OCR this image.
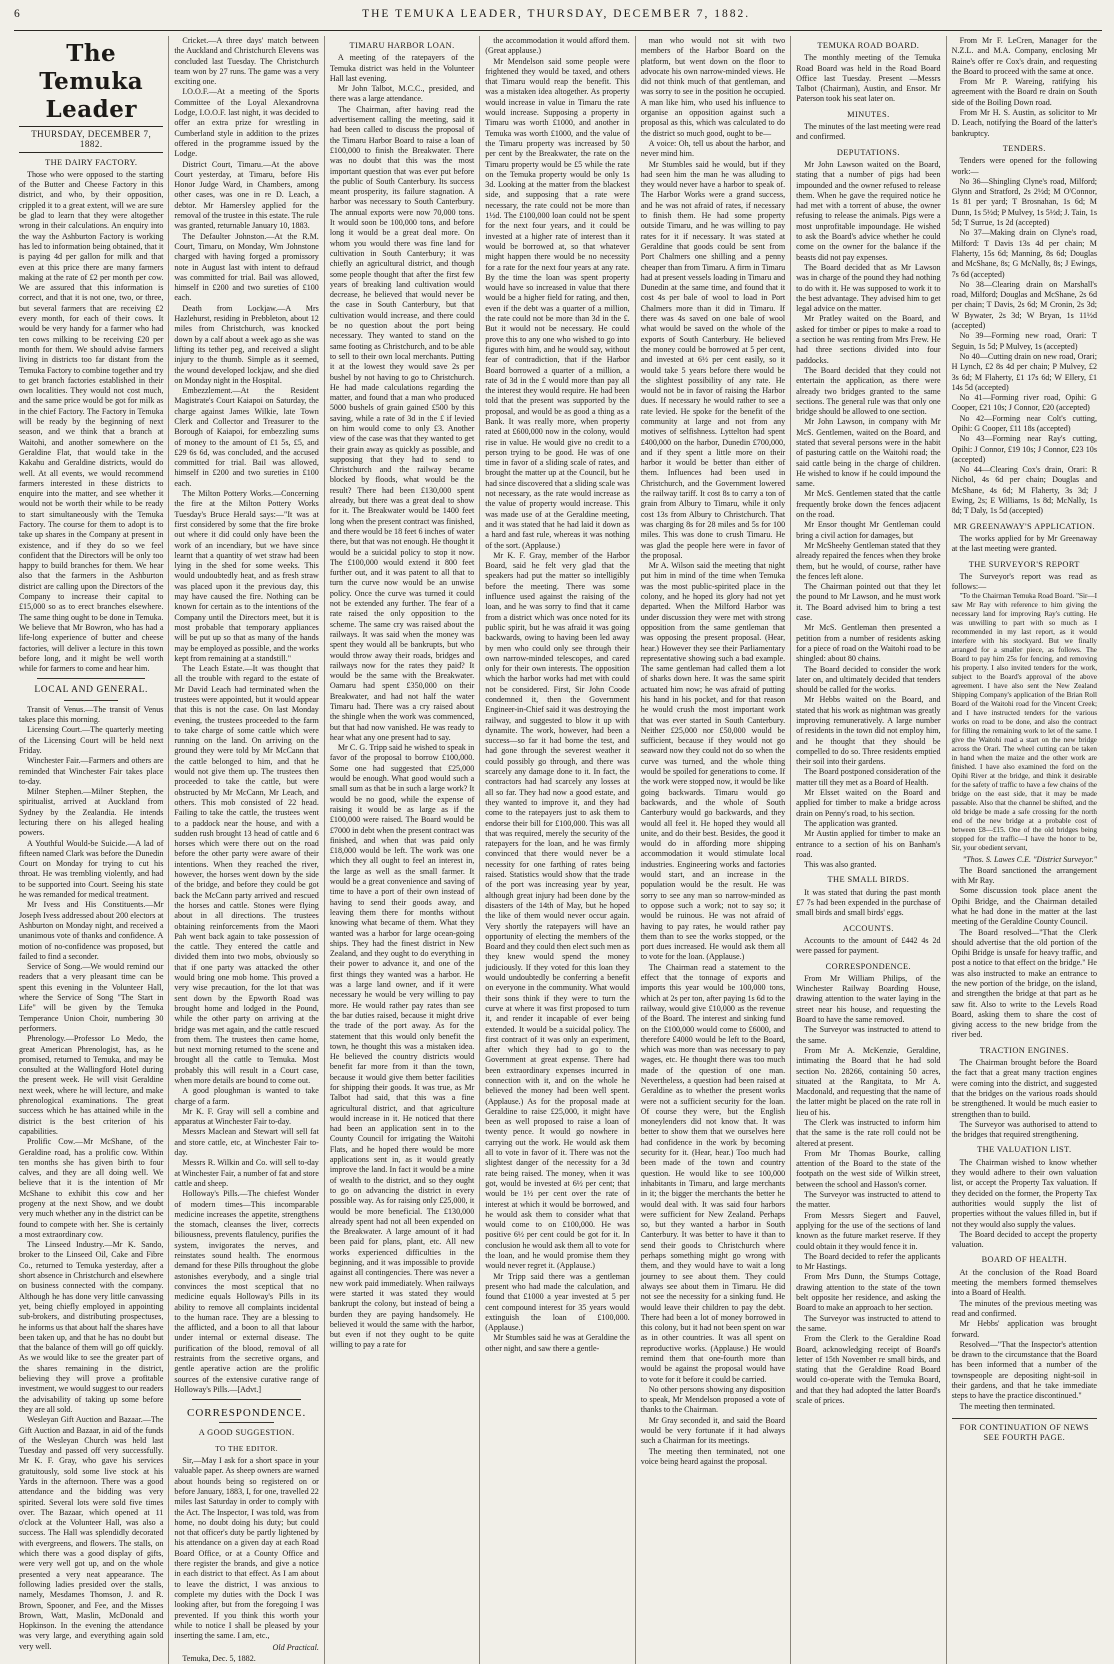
6	THE TEMUKA LEADER, THURSDAY, DECEMBER 7, 1882.
The Temuka Leader
THURSDAY, DECEMBER 7, 1882.
THE DAIRY FACTORY.

Those who were opposed to the starting of the Butter and Cheese Factory in this district, and who, by their opposition, crippled it to a great extent, will we are sure be glad to learn that they were altogether wrong in their calculations. An enquiry into the way the Ashburton Factory is working has led to information being obtained, that it is paying 4d per gallon for milk and that even at this price there are many farmers making at the rate of £2 per month per cow. We are assured that this information is correct, and that it is not one, two, or three, but several farmers that are receiving £2 every month, for each of their cows. It would be very handy for a farmer who had ten cows milking to be receiving £20 per month for them. We should advise farmers living in districts too far distant from the Temuka Factory to combine together and try to get branch factories established in their own localities. They would not cost much, and the same price would be got for milk as in the chief Factory. The Factory in Temuka will be ready by the beginning of next season, and we think that a branch at Waitohi, and another somewhere on the Geraldine Flat, that would take in the Kakahu and Geraldine districts, would do well. At all events, we would recommend farmers interested in these districts to enquire into the matter, and see whether it would not be worth their while to be ready to start simultaneously with the Temuka Factory. The course for them to adopt is to take up shares in the Company at present in existence, and if they do so we feel confident that the Directors will be only too happy to build branches for them. We hear also that the farmers in the Ashburton district are calling upon the Directors of the Company to increase their capital to £15,000 so as to erect branches elsewhere. The same thing ought to be done in Temuka. We believe that Mr Bowron, who has had a life-long experience of butter and cheese factories, will deliver a lecture in this town before long, and it might be well worth while for farmers to come and hear him.

LOCAL AND GENERAL.

Transit of Venus.—The transit of Venus takes place this morning.

Licensing Court.—The quarterly meeting of the Licensing Court will be held next Friday.

Winchester Fair.—Farmers and others are reminded that Winchester Fair takes place to-day.

Milner Stephen.—Milner Stephen, the spiritualist, arrived at Auckland from Sydney by the Zealandia. He intends lecturing there on his alleged healing powers.

A Youthful Would-be Suicide.—A lad of fifteen named Clark was before the Dunedin Court on Monday for trying to cut his throat. He was trembling violently, and had to be supported into Court. Seeing his state he was remanded for medical treatment.

Mr Ivess and His Constituents.—Mr Joseph Ivess addressed about 200 electors at Ashburton on Monday night, and received a unanimous vote of thanks and confidence. A motion of no-confidence was proposed, but failed to find a seconder.

Service of Song.—We would remind our readers that a very pleasant time can be spent this evening in the Volunteer Hall, where the Service of Song "The Start in Life" will be given by the Temuka Temperance Union Choir, numbering 30 performers.

Phrenology.—Professor Lo Medo, the great American Phrenologist, has, as he promised, returned to Temuka, and may be consulted at the Wallingford Hotel during the present week. He will visit Geraldine next week, where he will lecture, and make phrenological examinations. The great success which he has attained while in the district is the best criterion of his capabilities.

Prolific Cow.—Mr McShane, of the Geraldine road, has a prolific cow. Within ten months she has given birth to four calves, and they are all doing well. We believe that it is the intention of Mr McShane to exhibit this cow and her progeny at the next Show, and we doubt very much whether any in the district can be found to compete with her. She is certainly a most extraordinary cow.

The Linseed Industry.—Mr K. Sando, broker to the Linseed Oil, Cake and Fibre Co., returned to Temuka yesterday, after a short absence in Christchurch and elsewhere on business connected with the company. Although he has done very little canvassing yet, being chiefly employed in appointing sub-brokers, and distributing prospectuses, he informs us that about half the shares have been taken up, and that he has no doubt but that the balance of them will go off quickly. As we would like to see the greater part of the shares remaining in the district, believing they will prove a profitable investment, we would suggest to our readers the advisability of taking up some before they are all sold.

Wesleyan Gift Auction and Bazaar.—The Gift Auction and Bazaar, in aid of the funds of the Wesleyan Church was held last Tuesday and passed off very successfully. Mr K. F. Gray, who gave his services gratuitously, sold some live stock at his Yards in the afternoon. There was a good attendance and the bidding was very spirited. Several lots were sold five times over. The Bazaar, which opened at 11 o'clock at the Volunteer Hall, was also a success. The Hall was splendidly decorated with evergreens, and flowers. The stalls, on which there was a good display of gifts, were very well got up, and on the whole presented a very neat appearance. The following ladies presided over the stalls, namely, Mesdames Thomson, J. and R. Brown, Spooner, and Fee, and the Misses Brown, Watt, Maslin, McDonald and Hopkinson. In the evening the attendance was very large, and everything again sold very well.

Cricket.—A three days' match between the Auckland and Christchurch Elevens was concluded last Tuesday. The Christchurch team won by 27 runs. The game was a very exciting one.

I.O.O.F.—At a meeting of the Sports Committee of the Loyal Alexandrovna Lodge, I.O.O.F. last night, it was decided to offer an extra prize for wrestling in Cumberland style in addition to the prizes offered in the programme issued by the Lodge.

District Court, Timaru.—At the above Court yesterday, at Timaru, before His Honor Judge Ward, in Chambers, among other cases, was one in re D. Leach, a debtor. Mr Hamersley applied for the removal of the trustee in this estate. The rule was granted, returnable January 10, 1883.

The Defaulter Johnston.—At the R.M. Court, Timaru, on Monday, Wm Johnstone charged with having forged a promissory note in August last with intent to defraud was committed for trial. Bail was allowed, himself in £200 and two sureties of £100 each.

Death from Lockjaw.—A Mrs Hazlehurst, residing in Prebbleton, about 12 miles from Christchurch, was knocked down by a calf about a week ago as she was lifting its tether peg, and received a slight injury to the thumb. Simple as it seemed, the wound developed lockjaw, and she died on Monday night in the Hospital.

Embezzlement.—At the Resident Magistrate's Court Kaiapoi on Saturday, the charge against James Wilkie, late Town Clerk and Collector and Treasurer to the Borough of Kaiapoi, for embezzling sums of money to the amount of £1 5s, £5, and £29 6s 6d, was concluded, and the accused committed for trial. Bail was allowed, himself in £200 and two sureties in £100 each.

The Milton Pottery Works.—Concerning the fire at the Milton Pottery Works Tuesday's Bruce Herald says:—"It was at first considered by some that the fire broke out where it did could only have been the work of an incendiary, but we have since learnt that a quantity of wet straw had been lying in the shed for some weeks. This would undoubtedly heat, and as fresh straw was placed upon it the previous day, this may have caused the fire. Nothing can be known for certain as to the intentions of the Company until the Directors meet, but it is most probable that temporary appliances will be put up so that as many of the hands may be employed as possible, and the works kept from remaining at a standstill."

The Leach Estate.—It was thought that all the trouble with regard to the estate of Mr David Leach had terminated when the trustees were appointed, but it would appear that this is not the case. On last Monday evening, the trustees proceeded to the farm to take charge of some cattle which were running on the land. On arriving on the ground they were told by Mr McCann that the cattle belonged to him, and that he would not give them up. The trustees then proceeded to take the cattle, but were obstructed by Mr McCann, Mr Leach, and others. This mob consisted of 22 head. Failing to take the cattle, the trustees went to a paddock near the house, and with a sudden rush brought 13 head of cattle and 6 horses which were there out on the road before the other party were aware of their intentions. When they reached the river, however, the horses went down by the side of the bridge, and before they could be got back the McCann party arrived and rescued the horses and cattle. Stones were flying about in all directions. The trustees obtaining reinforcements from the Maori Pah went back again to take possession of the cattle. They entered the cattle and divided them into two mobs, obviously so that if one party was attacked the other would bring one mob home. This proved a very wise precaution, for the lot that was sent down by the Epworth Road was brought home and lodged in the Pound, while the other party on arriving at the bridge was met again, and the cattle rescued from them. The trustees then came home, but next morning returned to the scene and brought all the cattle to Temuka. Most probably this will result in a Court case, when more details are bound to come out.

A good ploughman is wanted to take charge of a farm.

Mr K. F. Gray will sell a combine and apparatus at Winchester Fair to-day.

Messrs Maclean and Stewart will sell fat and store cattle, etc, at Winchester Fair to-day.

Messrs R. Wilkin and Co. will sell to-day at Winchester Fair, a number of fat and store cattle and sheep.

Holloway's Pills.—The chiefest Wonder of modern times—This incomparable medicine increases the appetite, strengthens the stomach, cleanses the liver, corrects biliousness, prevents flatulency, purifies the system, invigorates the nerves, and reinstates sound health. The enormous demand for these Pills throughout the globe astonishes everybody, and a single trial convinces the most sceptical that no medicine equals Holloway's Pills in its ability to remove all complaints incidental to the human race. They are a blessing to the afflicted, and a boon to all that labour under internal or external disease. The purification of the blood, removal of all restraints from the secretive organs, and gentle aperative action are the prolific sources of the extensive curative range of Holloway's Pills.—[Advt.]

CORRESPONDENCE.
A GOOD SUGGESTION.
TO THE EDITOR.

Sir,—May I ask for a short space in your valuable paper. As sheep owners are warned about hounds being so registered on or before January, 1883, I, for one, travelled 22 miles last Saturday in order to comply with the Act. The Inspector, I was told, was from home, no doubt doing his duty; but could not that officer's duty be partly lightened by his attendance on a given day at each Road Board Office, or at a County Office and there register the brands, and give a notice in each district to that effect. As I am about to leave the district, I was anxious to complete my duties with the Dock I was looking after, but from the foregoing I was prevented. If you think this worth your while to notice I shall be pleased by your inserting the same. I am, etc.,

Old Practical.

Temuka, Dec. 5, 1882.

TIMARU HARBOR LOAN.

A meeting of the ratepayers of the Temuka district was held in the Volunteer Hall last evening.

Mr John Talbot, M.C.C., presided, and there was a large attendance.

The Chairman, after having read the advertisement calling the meeting, said it had been called to discuss the proposal of the Timaru Harbor Board to raise a loan of £100,000 to finish the Breakwater. There was no doubt that this was the most important question that was ever put before the public of South Canterbury. Its success meant prosperity, its failure stagnation. A harbor was necessary to South Canterbury. The annual exports were now 70,000 tons. It would soon be 100,000 tons, and before long it would be a great deal more. On whom you would there was fine land for cultivation in South Canterbury; it was chiefly an agricultural district, and though some people thought that after the first few years of breaking land cultivation would decrease, he believed that would never be the case in South Canterbury, but that cultivation would increase, and there could be no question about the port being necessary. They wanted to stand on the same footing as Christchurch, and to be able to sell to their own local merchants. Putting it at the lowest they would save 2s per bushel by not having to go to Christchurch. He had made calculations regarding the matter, and found that a man who produced 5000 bushels of grain gained £500 by this saving, while a rate of 3d in the £ if levied on him would come to only £3. Another view of the case was that they wanted to get their grain away as quickly as possible, and supposing that they had to send to Christchurch and the railway became blocked by floods, what would be the result? There had been £130,000 spent already, but there was a great deal to show for it. The Breakwater would be 1400 feet long when the present contract was finished, and there would be 18 feet 6 inches of water there, but that was not enough. He thought it would be a suicidal policy to stop it now. The £100,000 would extend it 800 feet further out, and it was patent to all that to turn the curve now would be an unwise policy. Once the curve was turned it could not be extended any further. The fear of a rate raised the only opposition to the scheme. The same cry was raised about the railways. It was said when the money was spent they would all be bankrupts, but who would throw away their roads, bridges and railways now for the rates they paid? It would be the same with the Breakwater. Oamaru had spent £350,000 on their Breakwater, and had not half the water Timaru had. There was a cry raised about the shingle when the work was commenced, but that had now vanished. He was ready to hear what any one present had to say.

Mr C. G. Tripp said he wished to speak in favor of the proposal to borrow £100,000. Some one had suggested that £25,000 would be enough. What good would such a small sum as that be in such a large work? It would be no good, while the expense of raising it would be as large as if the £100,000 were raised. The Board would be £7000 in debt when the present contract was finished, and when that was paid only £18,000 would be left. The work was one which they all ought to feel an interest in, the large as well as the small farmer. It would be a great convenience and saving of time to have a port of their own instead of having to send their goods away, and leaving them there for months without knowing what became of them. What they wanted was a harbor for large ocean-going ships. They had the finest district in New Zealand, and they ought to do everything in their power to advance it, and one of the first things they wanted was a harbor. He was a large land owner, and if it were necessary he would be very willing to pay more. He would rather pay rates than see the bar duties raised, because it might drive the trade of the port away. As for the statement that this would only benefit the town, he thought this was a mistaken idea. He believed the country districts would benefit far more from it than the town, because it would give them better facilities for shipping their goods. It was true, as Mr Talbot had said, that this was a fine agricultural district, and that agriculture would increase in it. He noticed that there had been an application sent in to the County Council for irrigating the Waitohi Flats, and he hoped there would be more applications sent in, as it would greatly improve the land. In fact it would be a mine of wealth to the district, and so they ought to go on advancing the district in every possible way. As for raising only £25,000, it would be more beneficial. The £130,000 already spent had not all been expended on the Breakwater. A large amount of it had been paid for plans, plant, etc. All new works experienced difficulties in the beginning, and it was impossible to provide against all contingencies. There was never a new work paid immediately. When railways were started it was stated they would bankrupt the colony, but instead of being a burden they are paying handsomely. He believed it would the same with the harbor, but even if not they ought to be quite willing to pay a rate for

the accommodation it would afford them. (Great applause.)

Mr Mendelson said some people were frightened they would be taxed, and others that Timaru would reap the benefit. This was a mistaken idea altogether. As property would increase in value in Timaru the rate would increase. Supposing a property in Timaru was worth £1000, and another in Temuka was worth £1000, and the value of the Timaru property was increased by 50 per cent by the Breakwater, the rate on the Timaru property would be £5 while the rate on the Temuka property would be only 1s 3d. Looking at the matter from the blackest side, and supposing that a rate were necessary, the rate could not be more than 1½d. The £100,000 loan could not be spent for the next four years, and it could be invested at a higher rate of interest than it would be borrowed at, so that whatever might happen there would be no necessity for a rate for the next four years at any rate. By the time the loan was spent property would have so increased in value that there would be a higher field for rating, and then, even if the debt was a quarter of a million, the rate could not be more than 3d in the £. But it would not be necessary. He could prove this to any one who wished to go into figures with him, and he would say, without fear of contradiction, that if the Harbor Board borrowed a quarter of a million, a rate of 3d in the £ would more than pay all the interest they would require. He had been told that the present was supported by the proposal, and would be as good a thing as a Bank. It was really more, when property rated at £600,000 now in the colony, would rise in value. He would give no credit to a person trying to be good. He was of one time in favor of a sliding scale of rates, and brought the matter up at the Council, but he had since discovered that a sliding scale was not necessary, as the rate would increase as the value of property would increase. This was made use of at the Geraldine meeting, and it was stated that he had laid it down as a hard and fast rule, whereas it was nothing of the sort. (Applause.)

Mr K. F. Gray, member of the Harbor Board, said he felt very glad that the speakers had put the matter so intelligibly before the meeting. There was some influence used against the raising of the loan, and he was sorry to find that it came from a district which was once noted for its public spirit, but he was afraid it was going backwards, owing to having been led away by men who could only see through their own narrow-minded telescopes, and cared only for their own interests. The opposition which the harbor works had met with could not be considered. First, Sir John Coode condemned it, then the Government Engineer-in-Chief said it was destroying the railway, and suggested to blow it up with dynamite. The work, however, had been a success—so far it had borne the test, and had gone through the severest weather it could possibly go through, and there was scarcely any damage done to it. In fact, the contractors had had scarcely any losses at all so far. They had now a good estate, and they wanted to improve it, and they had come to the ratepayers just to ask them to endorse their bill for £100,000. This was all that was required, merely the security of the ratepayers for the loan, and he was firmly convinced that there would never be a necessity for one farthing of rates being raised. Statistics would show that the trade of the port was increasing year by year, although great injury had been done by the disasters of the 14th of May, but he hoped the like of them would never occur again. Very shortly the ratepayers will have an opportunity of electing the members of the Board and they could then elect such men as they knew would spend the money judiciously. If they voted for this loan they would undoubtedly be conferring a benefit on everyone in the community. What would their sons think if they were to turn the curve at where it was first proposed to turn it, and render it incapable of ever being extended. It would be a suicidal policy. The first contract of it was only an experiment, after which they had to go to the Government at great expense. There had been extraordinary expenses incurred in connection with it, and on the whole he believed the money had been well spent. (Applause.) As for the proposal made at Geraldine to raise £25,000, it might have been as well proposed to raise a loan of twenty pence. It would go nowhere in carrying out the work. He would ask them all to vote in favor of it. There was not the slightest danger of the necessity for a 3d rate being raised. The money, when it was got, would be invested at 6½ per cent; that would be 1½ per cent over the rate of interest at which it would be borrowed, and he would ask them to consider what that would come to on £100,000. He was positive 6½ per cent could be got for it. In conclusion he would ask them all to vote for the loan, and he would promise them they would never regret it. (Applause.)

Mr Tripp said there was a gentleman present who had made the calculation, and found that £1000 a year invested at 5 per cent compound interest for 35 years would extinguish the loan of £100,000. (Applause.)

Mr Stumbles said he was at Geraldine the other night, and saw there a gentle-

man who would not sit with two members of the Harbor Board on the platform, but went down on the floor to advocate his own narrow-minded views. He did not think much of that gentleman, and was sorry to see in the position he occupied. A man like him, who used his influence to organise an opposition against such a proposal as this, which was calculated to do the district so much good, ought to be—

A voice: Oh, tell us about the harbor, and never mind him.

Mr Stumbles said he would, but if they had seen him the man he was alluding to they would never have a harbor to speak of. The Harbor Works were a grand success, and he was not afraid of rates, if necessary to finish them. He had some property outside Timaru, and he was willing to pay rates for it if necessary. It was stated at Geraldine that goods could be sent from Port Chalmers one shilling and a penny cheaper than from Timaru. A firm in Timaru had at present vessels loading in Timaru and Dunedin at the same time, and found that it cost 4s per bale of wool to load in Port Chalmers more than it did in Timaru. If there was 4s saved on one bale of wool what would be saved on the whole of the exports of South Canterbury. He believed the money could be borrowed at 5 per cent, and invested at 6½ per cent easily, so it would take 5 years before there would be the slightest possibility of any rate. He would not be in favor of raising the Harbor dues. If necessary he would rather to see a rate levied. He spoke for the benefit of the community at large and not from any motives of selfishness. Lyttelton had spent £400,000 on the harbor, Dunedin £700,000, and if they spent a little more on their harbor it would be better than either of them. Influences had been used in Christchurch, and the Government lowered the railway tariff. It cost 8s to carry a ton of grain from Albury to Timaru, while it only cost 13s from Albury to Christchurch. That was charging 8s for 28 miles and 5s for 100 miles. This was done to crush Timaru. He was glad the people here were in favor of the proposal.

Mr A. Wilson said the meeting that night put him in mind of the time when Temuka was the most public-spirited place in the colony, and he hoped its glory had not yet departed. When the Milford Harbor was under discussion they were met with strong opposition from the same gentleman that was opposing the present proposal. (Hear, hear.) However they see their Parliamentary representative showing such a bad example. The same gentleman had called them a lot of sharks down here. It was the same spirit actuated him now; he was afraid of putting his hand in his pocket, and for that reason he would crush the most important work that was ever started in South Canterbury. Neither £25,000 nor £50,000 would be sufficient, because if they would not go seaward now they could not do so when the curve was turned, and the whole thing would be spoiled for generations to come. If the work were stopped now, it would be like going backwards. Timaru would go backwards, and the whole of South Canterbury would go backwards, and they would all feel it. He hoped they would all unite, and do their best. Besides, the good it would do in affording more shipping accommodation it would stimulate local industries. Engineering works and factories would start, and an increase in the population would be the result. He was sorry to see any man so narrow-minded as to oppose such a work; not to say so; it would be ruinous. He was not afraid of having to pay rates, he would rather pay them than to see the works stopped, or the port dues increased. He would ask them all to vote for the loan. (Applause.)

The Chairman read a statement to the effect that the tonnage of exports and imports this year would be 100,000 tons, which at 2s per ton, after paying 1s 6d to the railway, would give £10,000 as the revenue of the Board. The interest and sinking fund on the £100,000 would come to £6000, and therefore £4000 would be left to the Board, which was more than was necessary to pay wages, etc. He thought there was too much made of the question of one man. Nevertheless, a question had been raised at Geraldine as to whether the present works were not a sufficient security for the loan. Of course they were, but the English moneylenders did not know that. It was better to show them that we ourselves here had confidence in the work by becoming security for it. (Hear, hear.) Too much had been made of the town and country question. He would like to see 100,000 inhabitants in Timaru, and large merchants in it; the bigger the merchants the better he would deal with. It was said four harbors were sufficient for New Zealand. Perhaps so, but they wanted a harbor in South Canterbury. It was better to have it than to send their goods to Christchurch where perhaps something might go wrong with them, and they would have to wait a long journey to see about them. They could always see about them in Timaru. He did not see the necessity for a sinking fund. He would leave their children to pay the debt. There had been a lot of money borrowed in this colony, but it had not been spent on war as in other countries. It was all spent on reproductive works. (Applause.) He would remind them that one-fourth more than would be against the proposal would have to vote for it before it could be carried.

No other persons showing any disposition to speak, Mr Mendelson proposed a vote of thanks to the Chairman.

Mr Gray seconded it, and said the Board would be very fortunate if it had always such a Chairman for its meetings.

The meeting then terminated, not one voice being heard against the proposal.

TEMUKA ROAD BOARD.

The monthly meeting of the Temuka Road Board was held in the Road Board Office last Tuesday. Present —Messrs Talbot (Chairman), Austin, and Ensor. Mr Paterson took his seat later on.

MINUTES.

The minutes of the last meeting were read and confirmed.

DEPUTATIONS.

Mr John Lawson waited on the Board, stating that a number of pigs had been impounded and the owner refused to release them. When he gave the required notice he had met with a torrent of abuse, the owner refusing to release the animals. Pigs were a most unprofitable impoundage. He wished to ask the Board's advice whether he could come on the owner for the balance if the beasts did not pay expenses.

The Board decided that as Mr Lawson was in charge of the pound they had nothing to do with it. He was supposed to work it to the best advantage. They advised him to get legal advice on the matter.

Mr Pratley waited on the Board, and asked for timber or pipes to make a road to a section he was renting from Mrs Frew. He had three sections divided into four paddocks.

The Board decided that they could not entertain the application, as there were already two bridges granted to the same sections. The general rule was that only one bridge should be allowed to one section.

Mr John Lawson, in company with Mr McS. Gentlemen, waited on the Board, and stated that several persons were in the habit of pasturing cattle on the Waitohi road; the said cattle being in the charge of children. He wished to know if he could impound the same.

Mr McS. Gentlemen stated that the cattle frequently broke down the fences adjacent on the road.

Mr Ensor thought Mr Gentleman could bring a civil action for damages, but

Mr McSheehy Gentleman stated that they already repaired the fences when they broke them, but he would, of course, rather have the fences left alone.

The Chairman pointed out that they let the pound to Mr Lawson, and he must work it. The Board advised him to bring a test case.

Mr McS. Gentleman then presented a petition from a number of residents asking for a piece of road on the Waitohi road to be shingled: about 80 chains.

The Board decided to consider the work later on, and ultimately decided that tenders should be called for the works.

Mr Hebbs waited on the Board, and stated that his work as nightman was greatly improving remuneratively. A large number of residents in the town did not employ him, and he thought that they should be compelled to do so. Three residents emptied their soil into their gardens.

The Board postponed consideration of the matter till they met as a Board of Health.

Mr Elsset waited on the Board and applied for timber to make a bridge across drain on Penny's road, to his section.

The application was granted.

Mr Austin applied for timber to make an entrance to a section of his on Banham's road.

This was also granted.

THE SMALL BIRDS.

It was stated that during the past month £7 7s had been expended in the purchase of small birds and small birds' eggs.

ACCOUNTS.

Accounts to the amount of £442 4s 2d were passed for payment.

CORRESPONDENCE.

From Mr William Philips, of the Winchester Railway Boarding House, drawing attention to the water laying in the street near his house, and requesting the Board to have the same removed.

The Surveyor was instructed to attend to the same.

From Mr A. McKenzie, Geraldine, intimating the Board that he had sold section No. 28266, containing 50 acres, situated at the Rangitata, to Mr A. Macdonald, and requesting that the name of the latter might be placed on the rate roll in lieu of his.

The Clerk was instructed to inform him that the same is the rate roll could not be altered at present.

From Mr Thomas Bourke, calling attention of the Board to the state of the footpath on the west side of Wilkin street, between the school and Hasson's corner.

The Surveyor was instructed to attend to the matter.

From Messrs Siegert and Fauvel, applying for the use of the sections of land known as the future market reserve. If they could obtain it they would fence it in.

The Board decided to refer the applicants to Mr Hastings.

From Mrs Dunn, the Stumps Cottage, drawing attention to the state of the town belt opposite her residence, and asking the Board to make an approach to her section.

The Surveyor was instructed to attend to the same.

From the Clerk to the Geraldine Road Board, acknowledging receipt of Board's letter of 15th November re small birds, and stating that the Geraldine Road Board would co-operate with the Temuka Board, and that they had adopted the latter Board's scale of prices.

From Mr F. LeCren, Manager for the N.Z.L. and M.A. Company, enclosing Mr Raine's offer re Cox's drain, and requesting the Board to proceed with the same at once.

From Mr P. Wareing, ratifying his agreement with the Board re drain on South side of the Boiling Down road.

From Mr H. S. Austin, as solicitor to Mr D. Leach, notifying the Board of the latter's bankruptcy.

TENDERS.

Tenders were opened for the following work:—

No 36—Shingling Clyne's road, Milford; Glynn and Stratford, 2s 2½d; M O'Connor, 1s 81 per yard; T Brosnahan, 1s 6d; M Dunn, 1s 5½d; P Mulvey, 1s 5½d; J. Tain, 1s 5d; T Surrue, 1s 2d (accepted)

No 37—Making drain on Clyne's road, Milford: T Davis 13s 4d per chain; M Flaherty, 15s 6d; Manning, 8s 6d; Douglas and McShane, 8s; G McNally, 8s; J Ewings, 7s 6d (accepted)

No 38—Clearing drain on Marshall's road, Milford; Douglas and McShane, 2s 6d per chain; T Davis, 2s 6d; M Cronin, 2s 3d; W Bywater, 2s 3d; W Bryan, 1s 11½d (accepted)

No 39—Forming new road, Orari: T Seguin, 1s 5d; P Mulvey, 1s (accepted)

No 40—Cutting drain on new road, Orari; H Lynch, £2 8s 4d per chain; P Mulvey, £2 3s 6d; M Flaherty, £1 17s 6d; W Ellery, £1 14s 5d (accepted)

No 41—Forming river road, Opihi: G Cooper, £21 10s; J Connor, £20 (accepted)

No 42—Forming near Colt's cutting, Opihi: G Cooper, £11 18s (accepted)

No 43—Forming near Ray's cutting, Opihi: J Connor, £19 10s; J Connor, £23 10s (accepted)

No 44—Clearing Cox's drain, Orari: R Nichol, 4s 6d per chain; Douglas and McShane, 4s 6d; M Flaherty, 3s 3d; J Ewing, 2s; E Williams, 1s 8d; McNally, 1s 8d; T Daly, 1s 5d (accepted)

MR GREENAWAY'S APPLICATION.

The works applied for by Mr Greenaway at the last meeting were granted.

THE SURVEYOR'S REPORT

The Surveyor's report was read as follows:—

"To the Chairman Temuka Road Board. "Sir—I saw Mr Ray with reference to him giving the necessary land for improving Ray's cutting. He was unwilling to part with so much as I recommended in my last report, as it would interfere with his stockyard. But we finally arranged for a smaller piece, as follows. The Board to pay him 25s for fencing, and removing his property. I also invited tenders for the work, subject to the Board's approval of the above agreement. I have also sent the New Zealand Shipping Company's application of the Brian Roll Board of the Waitohi road for the Vincent Creek; and I have instructed tenders for the various works on road to be done, and also the contract for filling the remaining work to let of the same. I give the Waitohi road a start on the new bridge across the Orari. The wheel cutting can be taken in hand when the maize and the other work are finished. I have also examined the ford on the Opihi River at the bridge, and think it desirable for the safety of traffic to have a few chains of the bridge on the east side, that it may be made passable. Also that the channel be shifted, and the old bridge be made a safe crossing for the north end of the new bridge at a probable cost of between £8—£15. One of the old bridges being stopped for the traffic—I have the honor to be, Sir, your obedient servant,

"Thos. S. Lawes C.E. "District Surveyor."

The Board sanctioned the arrangement with Mr Ray.

Some discussion took place anent the Opihi Bridge, and the Chairman detailed what he had done in the matter at the last meeting of the Geraldine County Council.

The Board resolved—"That the Clerk should advertise that the old portion of the Opihi Bridge is unsafe for heavy traffic, and post a notice to that effect on the bridge." He was also instructed to make an entrance to the new portion of the bridge, on the island, and strengthen the bridge at that part as he saw fit. Also to write to the Levels Road Board, asking them to share the cost of giving access to the new bridge from the river bed.

TRACTION ENGINES.

The Chairman brought before the Board the fact that a great many traction engines were coming into the district, and suggested that the bridges on the various roads should be strengthened. It would be much easier to strengthen than to build.

The Surveyor was authorised to attend to the bridges that required strengthening.

THE VALUATION LIST.

The Chairman wished to know whether they would adhere to their own valuation list, or accept the Property Tax valuation. If they decided on the former, the Property Tax authorities would supply the list of properties without the values filled in, but if not they would also supply the values.

The Board decided to accept the property valuation.

BOARD OF HEALTH.

At the conclusion of the Road Board meeting the members formed themselves into a Board of Health.

The minutes of the previous meeting was read and confirmed.

Mr Hebbs' application was brought forward.

Resolved—"That the Inspector's attention be drawn to the circumstance that the Board has been informed that a number of the townspeople are depositing night-soil in their gardens, and that he take immediate steps to have the practice discontinued."

The meeting then terminated.

FOR CONTINUATION OF NEWS SEE FOURTH PAGE.
